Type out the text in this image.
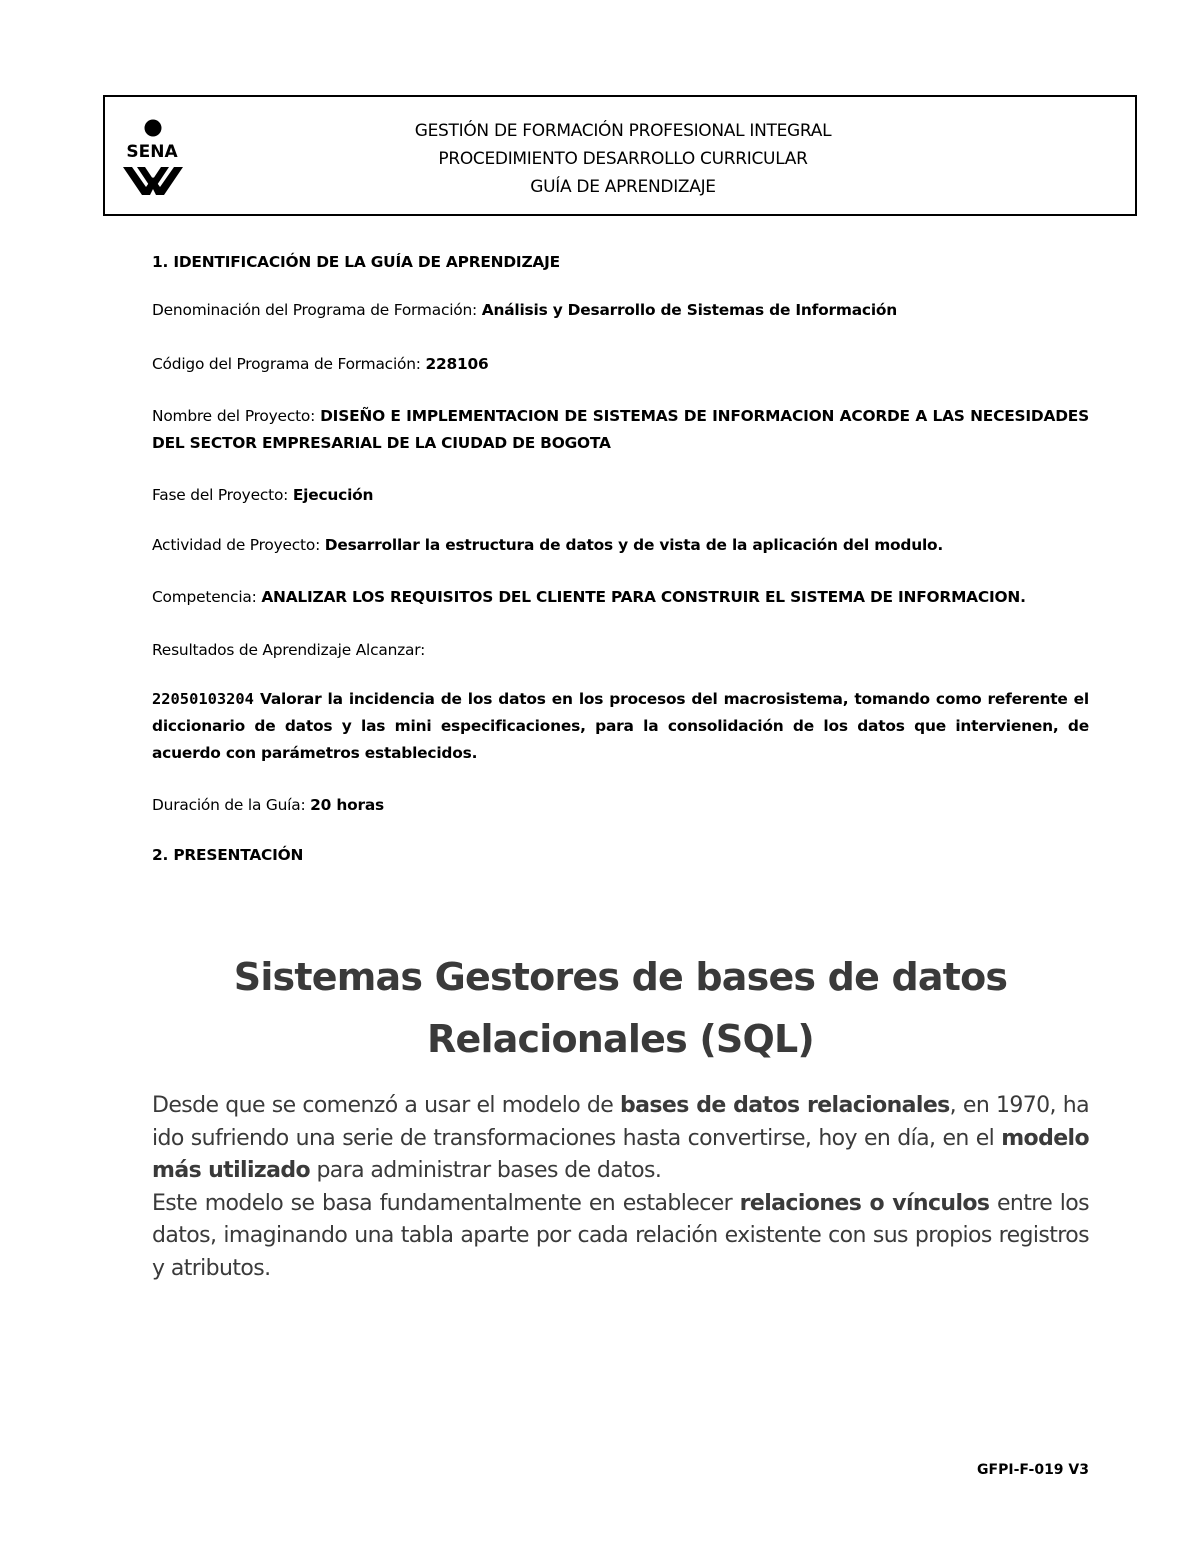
SENA
GESTIÓN DE FORMACIÓN PROFESIONAL INTEGRAL
PROCEDIMIENTO DESARROLLO CURRICULAR
GUÍA DE APRENDIZAJE
1. IDENTIFICACIÓN DE LA GUÍA DE APRENDIZAJE
Denominación del Programa de Formación: Análisis y Desarrollo de Sistemas de Información
Código del Programa de Formación: 228106
Nombre del Proyecto: DISEÑO E IMPLEMENTACION DE SISTEMAS DE INFORMACION ACORDE A LAS NECESIDADES DEL SECTOR EMPRESARIAL DE LA CIUDAD DE BOGOTA
Fase del Proyecto: Ejecución
Actividad de Proyecto: Desarrollar la estructura de datos y de vista de la aplicación del modulo.
Competencia: ANALIZAR LOS REQUISITOS DEL CLIENTE PARA CONSTRUIR EL SISTEMA DE INFORMACION.
Resultados de Aprendizaje Alcanzar:
22050103204 Valorar la incidencia de los datos en los procesos del macrosistema, tomando como referente el diccionario de datos y las mini especificaciones, para la consolidación de los datos que intervienen, de acuerdo con parámetros establecidos.
Duración de la Guía: 20 horas
2. PRESENTACIÓN
Sistemas Gestores de bases de datos
Relacionales (SQL)

Desde que se comenzó a usar el modelo de bases de datos relacionales, en 1970, ha ido sufriendo una serie de transformaciones hasta convertirse, hoy en día, en el modelo más utilizado para administrar bases de datos.

Este modelo se basa fundamentalmente en establecer relaciones o vínculos entre los datos, imaginando una tabla aparte por cada relación existente con sus propios registros y atributos.

GFPI-F-019 V3
